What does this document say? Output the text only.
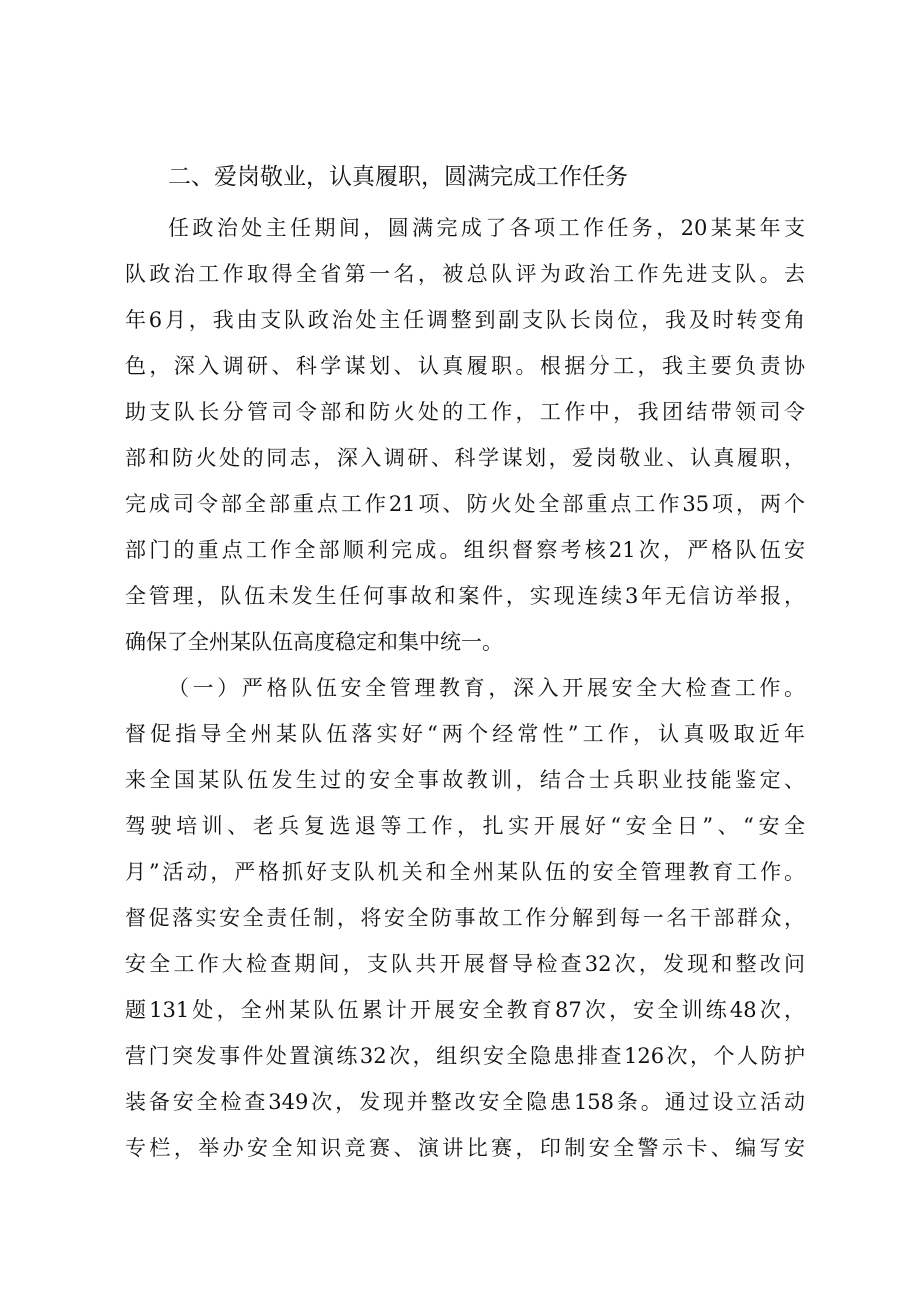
二、爱岗敬业，认真履职，圆满完成工作任务
任政治处主任期间，圆满完成了各项工作任务，20某某年支
队政治工作取得全省第一名，被总队评为政治工作先进支队。去
年6月，我由支队政治处主任调整到副支队长岗位，我及时转变角
色，深入调研、科学谋划、认真履职。根据分工，我主要负责协
助支队长分管司令部和防火处的工作，工作中，我团结带领司令
部和防火处的同志，深入调研、科学谋划，爱岗敬业、认真履职，
完成司令部全部重点工作21项、防火处全部重点工作35项，两个
部门的重点工作全部顺利完成。组织督察考核21次，严格队伍安
全管理，队伍未发生任何事故和案件，实现连续3年无信访举报，
确保了全州某队伍高度稳定和集中统一。
（一）严格队伍安全管理教育，深入开展安全大检查工作。
督促指导全州某队伍落实好“两个经常性”工作，认真吸取近年
来全国某队伍发生过的安全事故教训，结合士兵职业技能鉴定、
驾驶培训、老兵复选退等工作，扎实开展好“安全日”、“安全
月”活动，严格抓好支队机关和全州某队伍的安全管理教育工作。
督促落实安全责任制，将安全防事故工作分解到每一名干部群众，
安全工作大检查期间，支队共开展督导检查32次，发现和整改问
题131处，全州某队伍累计开展安全教育87次，安全训练48次，
营门突发事件处置演练32次，组织安全隐患排查126次，个人防护
装备安全检查349次，发现并整改安全隐患158条。通过设立活动
专栏，举办安全知识竞赛、演讲比赛，印制安全警示卡、编写安
